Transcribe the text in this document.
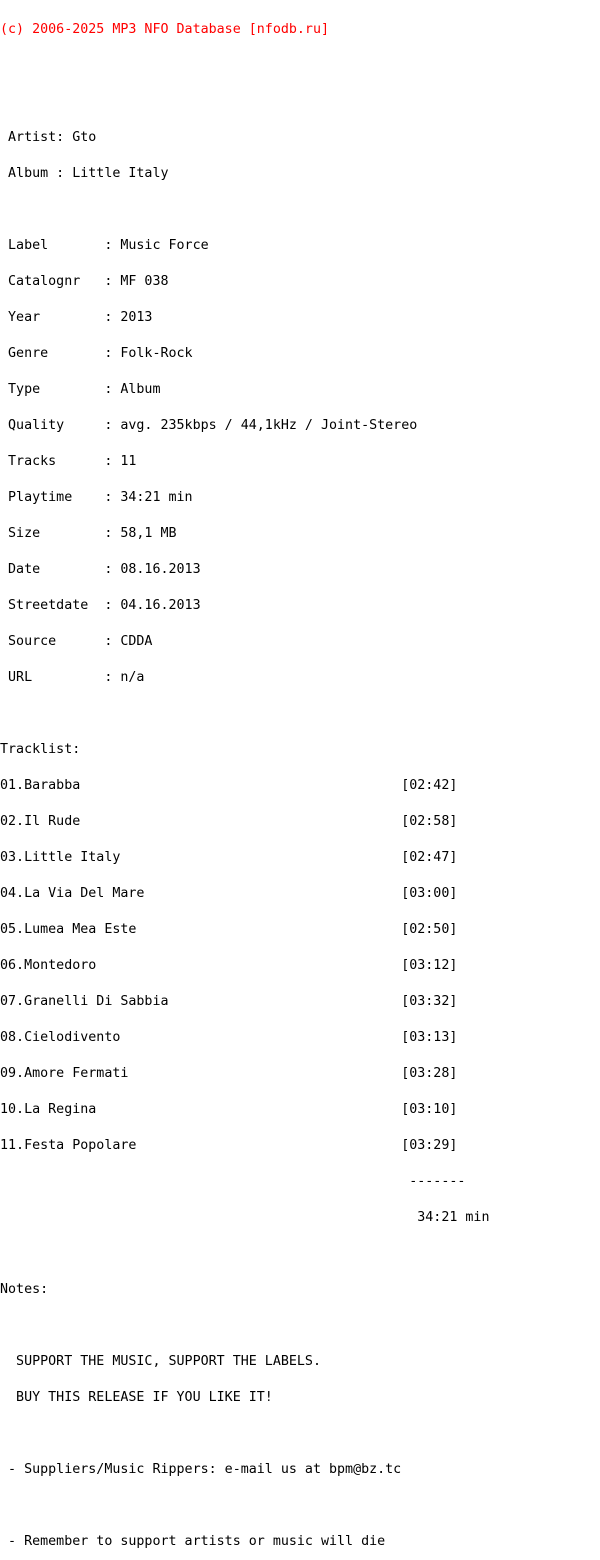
(c) 2006-2025 MP3 NFO Database [nfodb.ru]

Artist: Gto

Album : Little Italy

Label       : Music Force

Catalognr   : MF 038

Year        : 2013

Genre       : Folk-Rock

Type        : Album

Quality     : avg. 235kbps / 44,1kHz / Joint-Stereo

Tracks      : 11

Playtime    : 34:21 min

Size        : 58,1 MB

Date        : 08.16.2013

Streetdate  : 04.16.2013

Source      : CDDA

URL         : n/a

Tracklist:

01.Barabba                                        [02:42]

02.Il Rude                                        [02:58]

03.Little Italy                                   [02:47]

04.La Via Del Mare                                [03:00]

05.Lumea Mea Este                                 [02:50]

06.Montedoro                                      [03:12]

07.Granelli Di Sabbia                             [03:32]

08.Cielodivento                                   [03:13]

09.Amore Fermati                                  [03:28]

10.La Regina                                      [03:10]

11.Festa Popolare                                 [03:29]

-------

34:21 min

Notes:

SUPPORT THE MUSIC, SUPPORT THE LABELS.

BUY THIS RELEASE IF YOU LIKE IT!

- Suppliers/Music Rippers: e-mail us at bpm@bz.tc

- Remember to support artists or music will die
